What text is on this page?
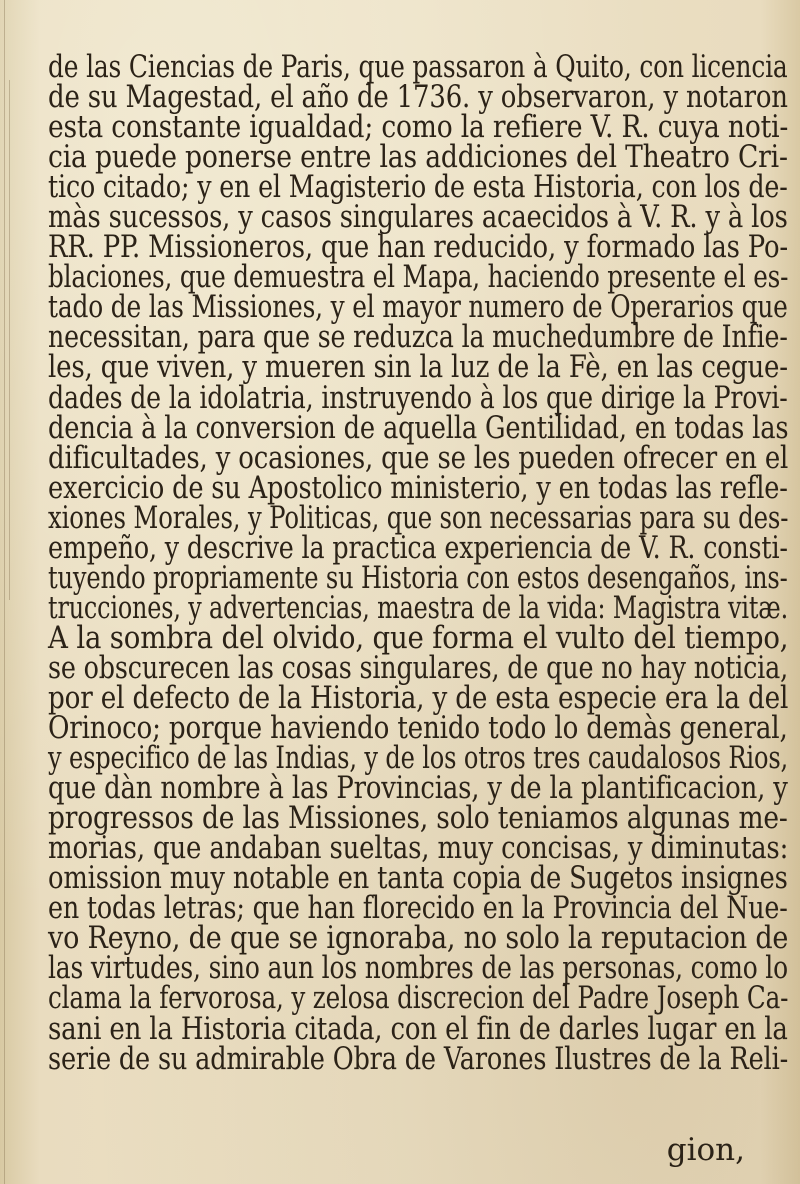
de las Ciencias de Paris, que passaron à Quito, con licencia
de su Magestad, el año de 1736. y observaron, y notaron
esta constante igualdad; como la refiere V. R. cuya noti-
cia puede ponerse entre las addiciones del Theatro Cri-
tico citado; y en el Magisterio de esta Historia, con los de-
màs sucessos, y casos singulares acaecidos à V. R. y à los
RR. PP. Missioneros, que han reducido, y formado las Po-
blaciones, que demuestra el Mapa, haciendo presente el es-
tado de las Missiones, y el mayor numero de Operarios que
necessitan, para que se reduzca la muchedumbre de Infie-
les, que viven, y mueren sin la luz de la Fè, en las cegue-
dades de la idolatria, instruyendo à los que dirige la Provi-
dencia à la conversion de aquella Gentilidad, en todas las
dificultades, y ocasiones, que se les pueden ofrecer en el
exercicio de su Apostolico ministerio, y en todas las refle-
xiones Morales, y Politicas, que son necessarias para su des-
empeño, y descrive la practica experiencia de V. R. consti-
tuyendo propriamente su Historia con estos desengaños, ins-
trucciones, y advertencias, maestra de la vida: Magistra vitæ.
A la sombra del olvido, que forma el vulto del tiempo,
se obscurecen las cosas singulares, de que no hay noticia,
por el defecto de la Historia, y de esta especie era la del
Orinoco; porque haviendo tenido todo lo demàs general,
y especifico de las Indias, y de los otros tres caudalosos Rios,
que dàn nombre à las Provincias, y de la plantificacion, y
progressos de las Missiones, solo teniamos algunas me-
morias, que andaban sueltas, muy concisas, y diminutas:
omission muy notable en tanta copia de Sugetos insignes
en todas letras; que han florecido en la Provincia del Nue-
vo Reyno, de que se ignoraba, no solo la reputacion de
las virtudes, sino aun los nombres de las personas, como lo
clama la fervorosa, y zelosa discrecion del Padre Joseph Ca-
sani en la Historia citada, con el fin de darles lugar en la
serie de su admirable Obra de Varones Ilustres de la Reli-
gion,
